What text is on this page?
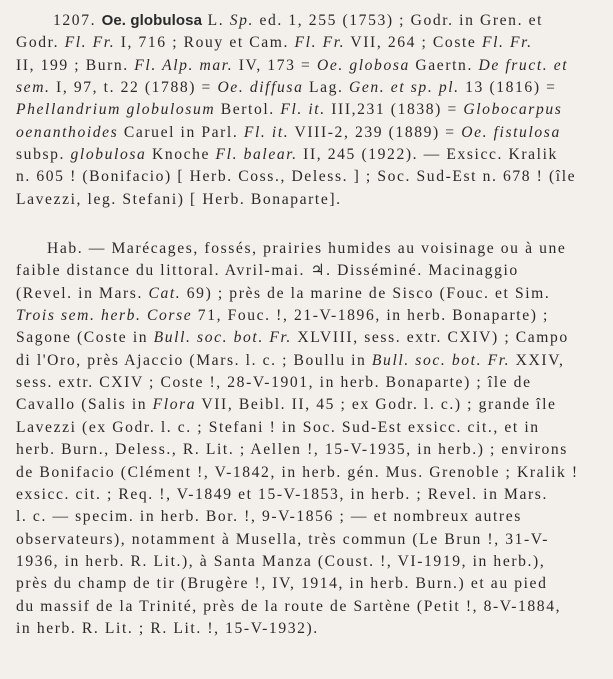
1207. Oe. globulosa L. Sp. ed. 1, 255 (1753) ; Godr. in Gren. et

Godr. Fl. Fr. I, 716 ; Rouy et Cam. Fl. Fr. VII, 264 ; Coste Fl. Fr.

II, 199 ; Burn. Fl. Alp. mar. IV, 173 = Oe. globosa Gaertn. De fruct. et

sem. I, 97, t. 22 (1788) = Oe. diffusa Lag. Gen. et sp. pl. 13 (1816) =

Phellandrium globulosum Bertol. Fl. it. III,231 (1838) = Globocarpus

oenanthoides Caruel in Parl. Fl. it. VIII-2, 239 (1889) = Oe. fistulosa

subsp. globulosa Knoche Fl. balear. II, 245 (1922). — Exsicc. Kralik

n. 605 ! (Bonifacio) [ Herb. Coss., Deless. ] ; Soc. Sud-Est n. 678 ! (île

Lavezzi, leg. Stefani) [ Herb. Bonaparte].

Hab. — Marécages, fossés, prairies humides au voisinage ou à une

faible distance du littoral. Avril-mai. ♃. Disséminé. Macinaggio

(Revel. in Mars. Cat. 69) ; près de la marine de Sisco (Fouc. et Sim.

Trois sem. herb. Corse 71, Fouc. !, 21-V-1896, in herb. Bonaparte) ;

Sagone (Coste in Bull. soc. bot. Fr. XLVIII, sess. extr. CXIV) ; Campo

di l'Oro, près Ajaccio (Mars. l. c. ; Boullu in Bull. soc. bot. Fr. XXIV,

sess. extr. CXIV ; Coste !, 28-V-1901, in herb. Bonaparte) ; île de

Cavallo (Salis in Flora VII, Beibl. II, 45 ; ex Godr. l. c.) ; grande île

Lavezzi (ex Godr. l. c. ; Stefani ! in Soc. Sud-Est exsicc. cit., et in

herb. Burn., Deless., R. Lit. ; Aellen !, 15-V-1935, in herb.) ; environs

de Bonifacio (Clément !, V-1842, in herb. gén. Mus. Grenoble ; Kralik !

exsicc. cit. ; Req. !, V-1849 et 15-V-1853, in herb. ; Revel. in Mars.

l. c. — specim. in herb. Bor. !, 9-V-1856 ; — et nombreux autres

observateurs), notamment à Musella, très commun (Le Brun !, 31-V-

1936, in herb. R. Lit.), à Santa Manza (Coust. !, VI-1919, in herb.),

près du champ de tir (Brugère !, IV, 1914, in herb. Burn.) et au pied

du massif de la Trinité, près de la route de Sartène (Petit !, 8-V-1884,

in herb. R. Lit. ; R. Lit. !, 15-V-1932).
